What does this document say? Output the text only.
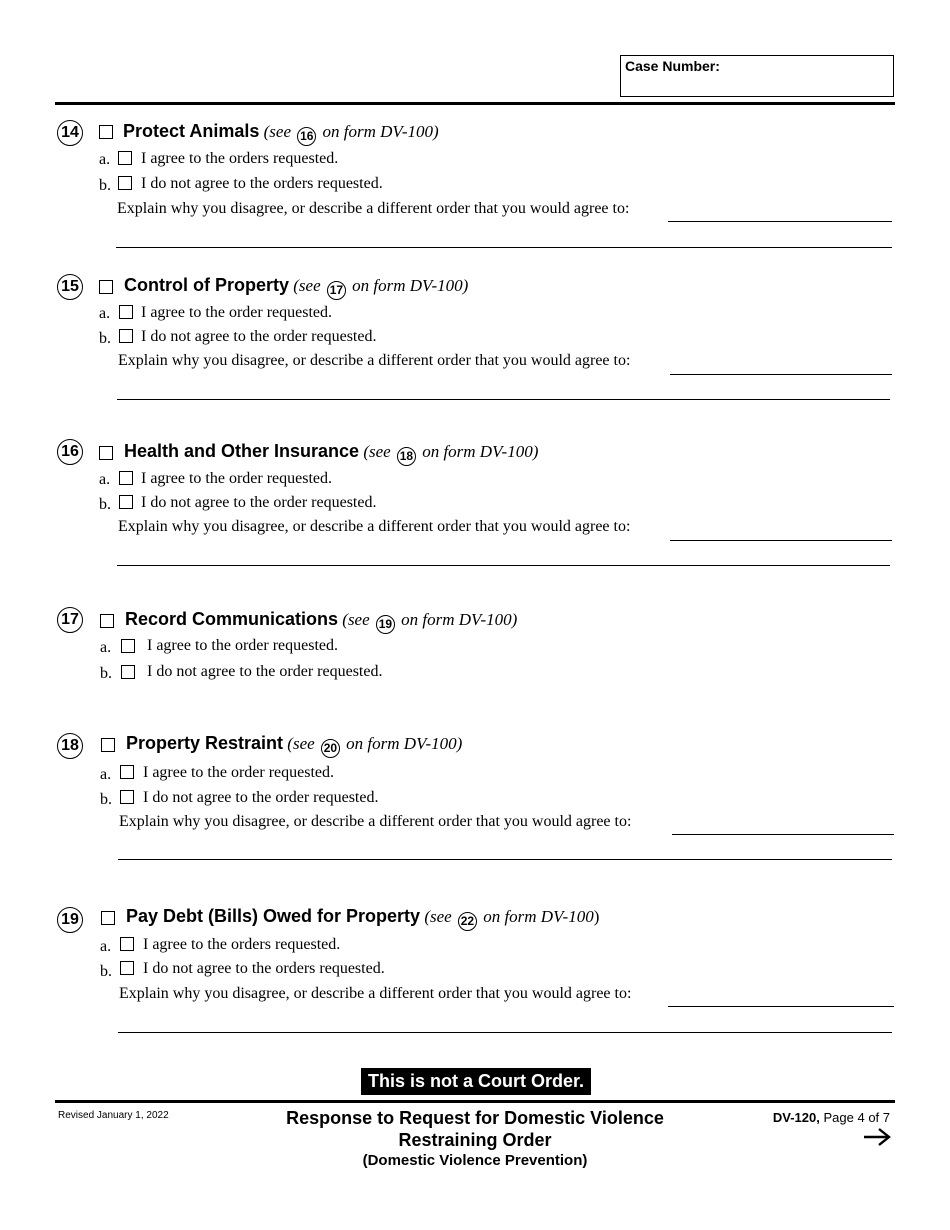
Case Number:
14 Protect Animals (see 16 on form DV-100)
a. I agree to the orders requested.
b. I do not agree to the orders requested.
Explain why you disagree, or describe a different order that you would agree to:
15	Control of Property (see 17 on form DV-100)
a. I agree to the order requested.
b. I do not agree to the order requested.
Explain why you disagree, or describe a different order that you would agree to:
16	Health and Other Insurance (see 18 on form DV-100)
a. I agree to the order requested.
b. I do not agree to the order requested.
Explain why you disagree, or describe a different order that you would agree to:
17	Record Communications (see 19 on form DV-100)
a. I agree to the order requested.
b. I do not agree to the order requested.
18	Property Restraint (see 20 on form DV-100)
a. I agree to the order requested.
b. I do not agree to the order requested.
Explain why you disagree, or describe a different order that you would agree to:
19	Pay Debt (Bills) Owed for Property (see 22 on form DV-100)
a. I agree to the orders requested.
b. I do not agree to the orders requested.
Explain why you disagree, or describe a different order that you would agree to:
This is not a Court Order.
Revised January 1, 2022	Response to Request for Domestic Violence
Restraining Order
(Domestic Violence Prevention)
DV-120, Page 4 of 7
